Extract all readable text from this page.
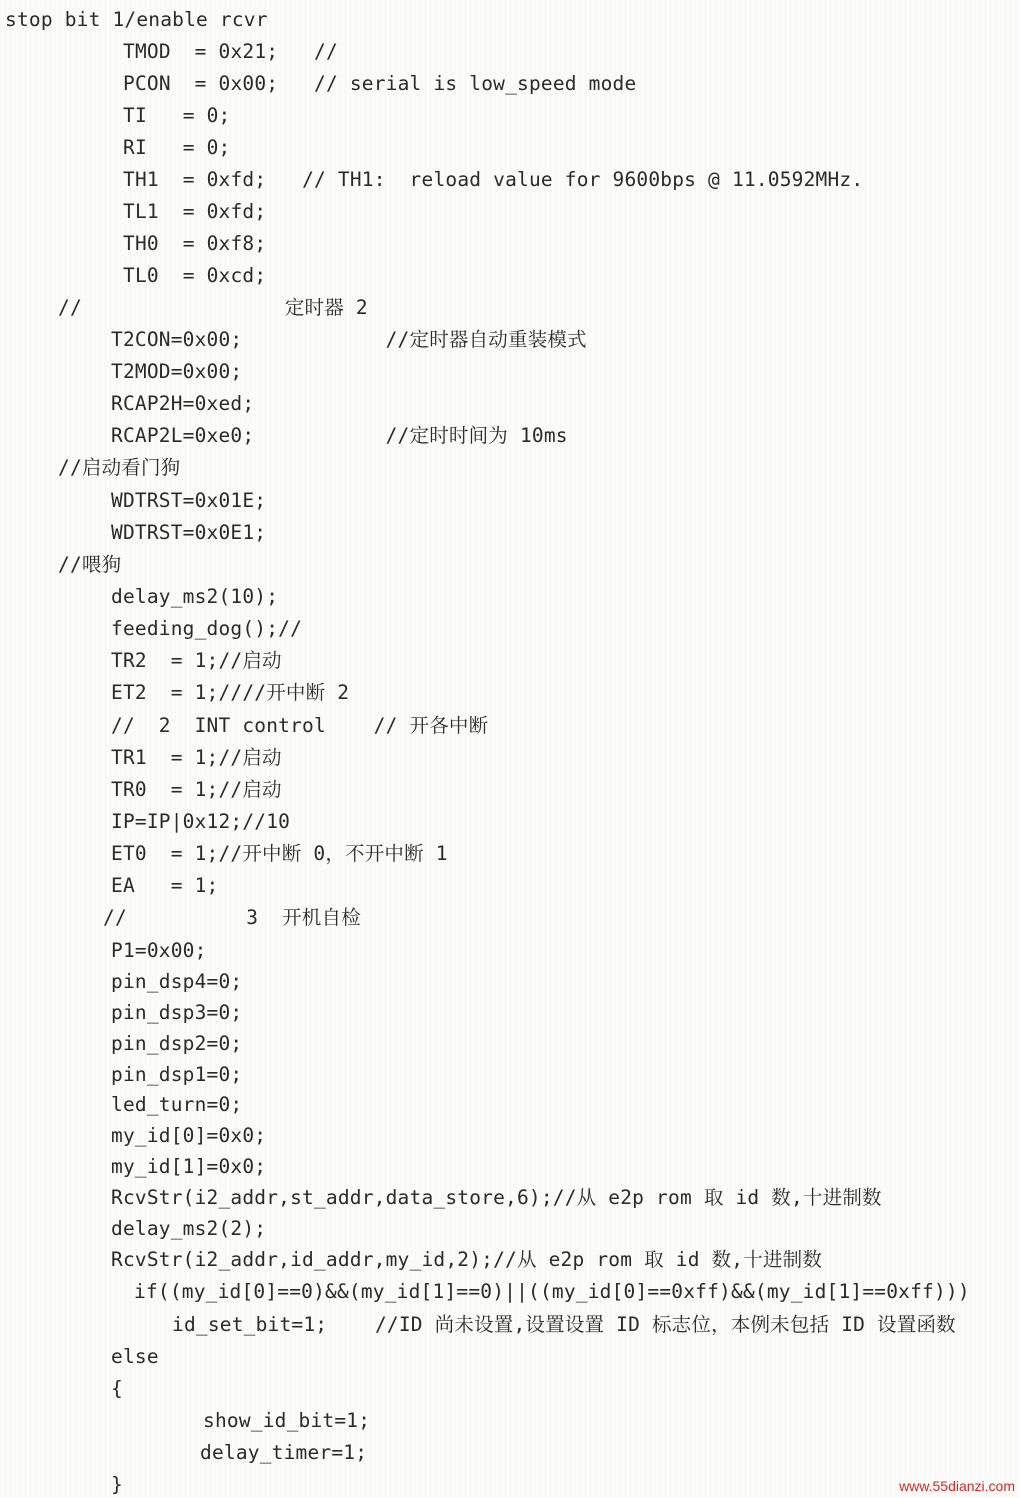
stop bit 1/enable rcvr
TMOD  = 0x21;   //
PCON  = 0x00;   // serial is low_speed mode
TI   = 0;
RI   = 0;
TH1  = 0xfd;   // TH1:  reload value for 9600bps @ 11.0592MHz.
TL1  = 0xfd;
TH0  = 0xf8;
TL0  = 0xcd;
//                 定时器 2
T2CON=0x00;            //定时器自动重装模式
T2MOD=0x00;
RCAP2H=0xed;
RCAP2L=0xe0;           //定时时间为 10ms
//启动看门狗
WDTRST=0x01E;
WDTRST=0x0E1;
//喂狗
delay_ms2(10);
feeding_dog();//
TR2  = 1;//启动
ET2  = 1;////开中断 2
//  2  INT control    // 开各中断
TR1  = 1;//启动
TR0  = 1;//启动
IP=IP|0x12;//10
ET0  = 1;//开中断 0，不开中断 1
EA   = 1;
//          3  开机自检
P1=0x00;
pin_dsp4=0;
pin_dsp3=0;
pin_dsp2=0;
pin_dsp1=0;
led_turn=0;
my_id[0]=0x0;
my_id[1]=0x0;
RcvStr(i2_addr,st_addr,data_store,6);//从 e2p rom 取 id 数,十进制数
delay_ms2(2);
RcvStr(i2_addr,id_addr,my_id,2);//从 e2p rom 取 id 数,十进制数
if((my_id[0]==0)&&(my_id[1]==0)||((my_id[0]==0xff)&&(my_id[1]==0xff)))
id_set_bit=1;    //ID 尚未设置,设置设置 ID 标志位，本例未包括 ID 设置函数
else
{
show_id_bit=1;
delay_timer=1;
}	www.55dianzi.com
